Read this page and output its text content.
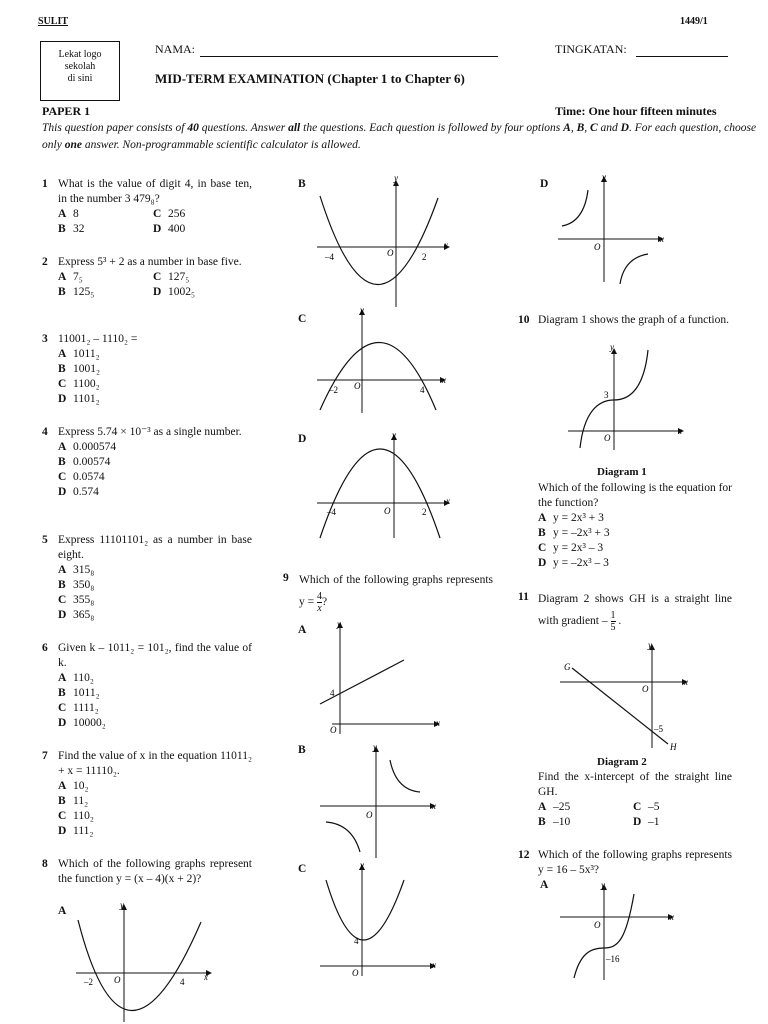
SULIT	1449/1
Lekat logo
sekolah
di sini
NAMA:	TINGKATAN:
MID-TERM EXAMINATION (Chapter 1 to Chapter 6)
PAPER 1	Time: One hour fifteen minutes
This question paper consists of 40 questions. Answer all the questions. Each question is followed by four options A, B, C and D. For each question, choose only one answer. Non-programmable scientific calculator is allowed.
1 What is the value of digit 4, in base ten, in the number 3 479₈?
A 8	C 256
B 32	D 400
2 Express 5³ + 2 as a number in base five.
A 7₅	C 127₅
B 125₅	D 1002₅
3 11001₂ – 1110₂ =
A 1011₂
B 1001₂
C 1100₂
D 1101₂
4 Express 5.74 × 10⁻³ as a single number.
A 0.000574
B 0.00574
C 0.0574
D 0.574
5 Express 11101101₂ as a number in base eight.
A 315₈
B 350₈
C 355₈
D 365₈
6 Given k – 1011₂ = 101₂, find the value of k.
A 110₂
B 1011₂
C 1111₂
D 10000₂
7 Find the value of x in the equation 11011₂ + x = 11110₂.
A 10₂
B 11₂
C 110₂
D 111₂
8 Which of the following graphs represent the function y = (x – 4)(x + 2)?
A
–2 O	4 x
y
B
–4	O	2
x
y
C
–2 O	4
x
y
D
–4	O	2
x
y
9 Which of the following graphs represents $y = \frac{4}{x}$ ?
A
4
O
x
y
B
O
x
y
C
4
O
x
y
D
O
x
y
10 Diagram 1 shows the graph of a function.
3
O
x
y
Diagram 1
Which of the following is the equation for the function?
A y = 2x³ + 3
B y = –2x³ + 3
C y = 2x³ – 3
D y = –2x³ – 3
11 Diagram 2 shows GH is a straight line with gradient – $\frac{1}{5}$ .
G
H
O
–5
x
y
Diagram 2
Find the x-intercept of the straight line GH.
A –25	C –5
B –10	D –1
12 Which of the following graphs represents y = 16 – 5x³?
A
O
–16
x
y
